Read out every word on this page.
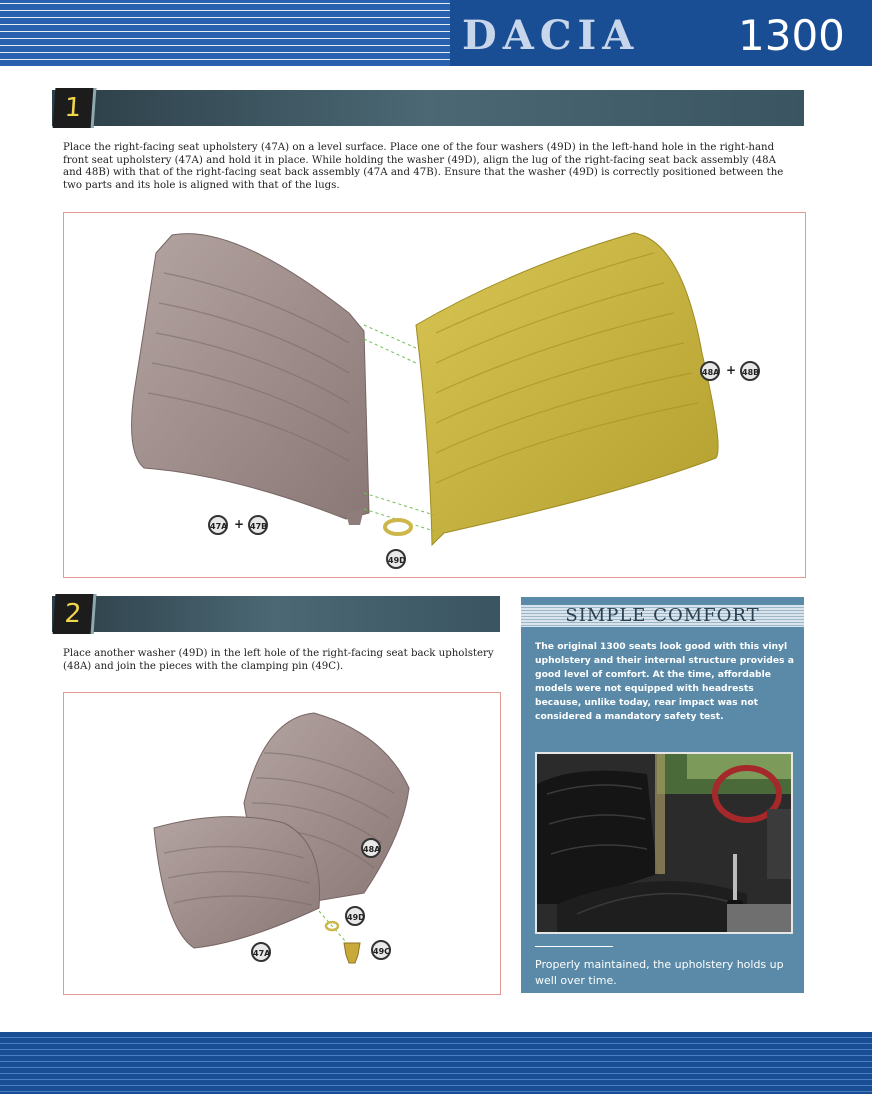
DACIA 1300
1
Place the right-facing seat upholstery (47A) on a level surface. Place one of the four washers (49D) in the left-hand hole in the right-hand front seat upholstery (47A) and hold it in place. While holding the washer (49D), align the lug of the right-facing seat back assembly (48A and 48B) with that of the right-facing seat back assembly (47A and 47B). Ensure that the washer (49D) is correctly positioned between the two parts and its hole is aligned with that of the lugs.
48A + 48B
47A + 47B
49D
2
Place another washer (49D) in the left hole of the right-facing seat back upholstery (48A) and join the pieces with the clamping pin (49C).
48A
49D
49C
47A
SIMPLE COMFORT
The original 1300 seats look good with this vinyl upholstery and their internal structure provides a good level of comfort. At the time, affordable models were not equipped with headrests because, unlike today, rear impact was not considered a mandatory safety test.
Properly maintained, the upholstery holds up well over time.
